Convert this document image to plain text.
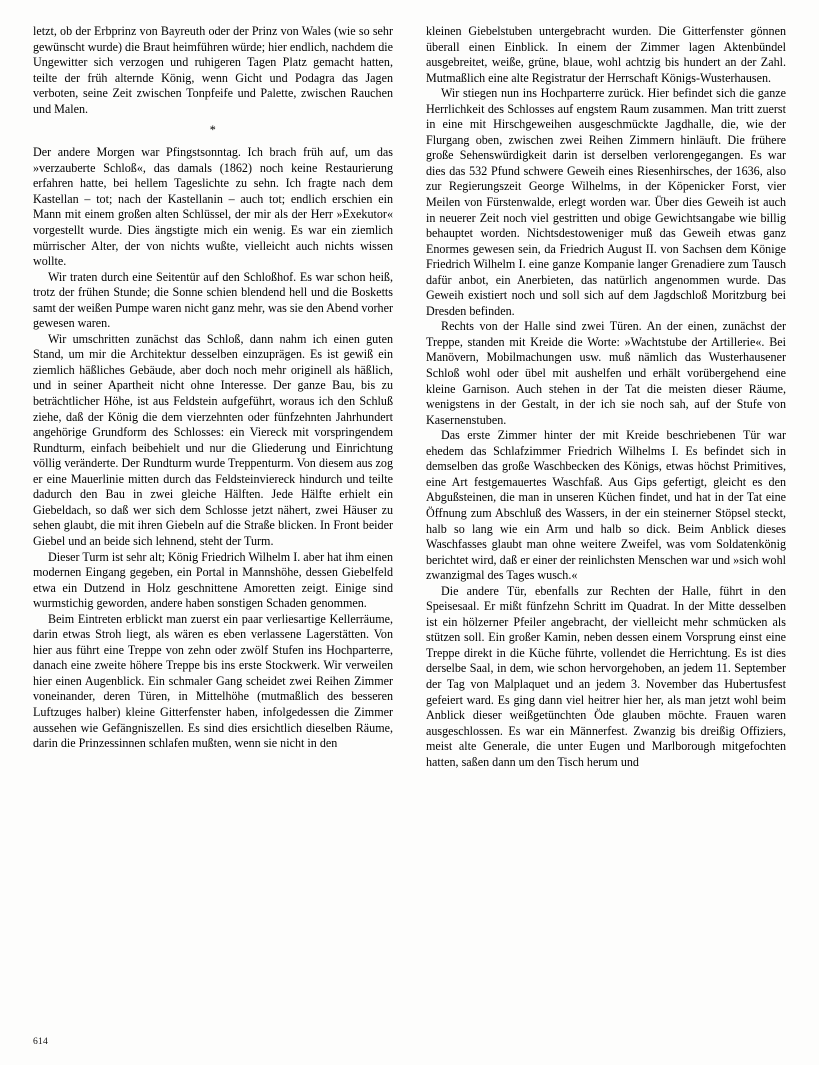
letzt, ob der Erbprinz von Bayreuth oder der Prinz von Wales (wie so sehr gewünscht wurde) die Braut heimführen würde; hier endlich, nachdem die Ungewitter sich verzogen und ruhigeren Tagen Platz gemacht hatten, teilte der früh alternde König, wenn Gicht und Podagra das Jagen verboten, seine Zeit zwischen Tonpfeife und Palette, zwischen Rauchen und Malen.

*

Der andere Morgen war Pfingstsonntag. Ich brach früh auf, um das »verzauberte Schloß«, das damals (1862) noch keine Restaurierung erfahren hatte, bei hellem Tageslichte zu sehn. Ich fragte nach dem Kastellan – tot; nach der Kastellanin – auch tot; endlich erschien ein Mann mit einem großen alten Schlüssel, der mir als der Herr »Exekutor« vorgestellt wurde. Dies ängstigte mich ein wenig. Es war ein ziemlich mürrischer Alter, der von nichts wußte, vielleicht auch nichts wissen wollte.

Wir traten durch eine Seitentür auf den Schloßhof. Es war schon heiß, trotz der frühen Stunde; die Sonne schien blendend hell und die Bosketts samt der weißen Pumpe waren nicht ganz mehr, was sie den Abend vorher gewesen waren.

Wir umschritten zunächst das Schloß, dann nahm ich einen guten Stand, um mir die Architektur desselben einzuprägen. Es ist gewiß ein ziemlich häßliches Gebäude, aber doch noch mehr originell als häßlich, und in seiner Apartheit nicht ohne Interesse. Der ganze Bau, bis zu beträchtlicher Höhe, ist aus Feldstein aufgeführt, woraus ich den Schluß ziehe, daß der König die dem vierzehnten oder fünfzehnten Jahrhundert angehörige Grundform des Schlosses: ein Viereck mit vorspringendem Rundturm, einfach beibehielt und nur die Gliederung und Einrichtung völlig veränderte. Der Rundturm wurde Treppenturm. Von diesem aus zog er eine Mauerlinie mitten durch das Feldsteinviereck hindurch und teilte dadurch den Bau in zwei gleiche Hälften. Jede Hälfte erhielt ein Giebeldach, so daß wer sich dem Schlosse jetzt nähert, zwei Häuser zu sehen glaubt, die mit ihren Giebeln auf die Straße blicken. In Front beider Giebel und an beide sich lehnend, steht der Turm.

Dieser Turm ist sehr alt; König Friedrich Wilhelm I. aber hat ihm einen modernen Eingang gegeben, ein Portal in Mannshöhe, dessen Giebelfeld etwa ein Dutzend in Holz geschnittene Amoretten zeigt. Einige sind wurmstichig geworden, andere haben sonstigen Schaden genommen.

Beim Eintreten erblickt man zuerst ein paar verliesartige Kellerräume, darin etwas Stroh liegt, als wären es eben verlassene Lagerstätten. Von hier aus führt eine Treppe von zehn oder zwölf Stufen ins Hochparterre, danach eine zweite höhere Treppe bis ins erste Stockwerk. Wir verweilen hier einen Augenblick. Ein schmaler Gang scheidet zwei Reihen Zimmer voneinander, deren Türen, in Mittelhöhe (mutmaßlich des besseren Luftzuges halber) kleine Gitterfenster haben, infolgedessen die Zimmer aussehen wie Gefängniszellen. Es sind dies ersichtlich dieselben Räume, darin die Prinzessinnen schlafen mußten, wenn sie nicht in den

kleinen Giebelstuben untergebracht wurden. Die Gitterfenster gönnen überall einen Einblick. In einem der Zimmer lagen Aktenbündel ausgebreitet, weiße, grüne, blaue, wohl achtzig bis hundert an der Zahl. Mutmaßlich eine alte Registratur der Herrschaft Königs-Wusterhausen.

Wir stiegen nun ins Hochparterre zurück. Hier befindet sich die ganze Herrlichkeit des Schlosses auf engstem Raum zusammen. Man tritt zuerst in eine mit Hirschgeweihen ausgeschmückte Jagdhalle, die, wie der Flurgang oben, zwischen zwei Reihen Zimmern hinläuft. Die frühere große Sehenswürdigkeit darin ist derselben verlorengegangen. Es war dies das 532 Pfund schwere Geweih eines Riesenhirsches, der 1636, also zur Regierungszeit George Wilhelms, in der Köpenicker Forst, vier Meilen von Fürstenwalde, erlegt worden war. Über dies Geweih ist auch in neuerer Zeit noch viel gestritten und obige Gewichtsangabe wie billig behauptet worden. Nichtsdestoweniger muß das Geweih etwas ganz Enormes gewesen sein, da Friedrich August II. von Sachsen dem Könige Friedrich Wilhelm I. eine ganze Kompanie langer Grenadiere zum Tausch dafür anbot, ein Anerbieten, das natürlich angenommen wurde. Das Geweih existiert noch und soll sich auf dem Jagdschloß Moritzburg bei Dresden befinden.

Rechts von der Halle sind zwei Türen. An der einen, zunächst der Treppe, standen mit Kreide die Worte: »Wachtstube der Artillerie«. Bei Manövern, Mobilmachungen usw. muß nämlich das Wusterhausener Schloß wohl oder übel mit aushelfen und erhält vorübergehend eine kleine Garnison. Auch stehen in der Tat die meisten dieser Räume, wenigstens in der Gestalt, in der ich sie noch sah, auf der Stufe von Kasernenstuben.

Das erste Zimmer hinter der mit Kreide beschriebenen Tür war ehedem das Schlafzimmer Friedrich Wilhelms I. Es befindet sich in demselben das große Waschbecken des Königs, etwas höchst Primitives, eine Art festgemauertes Waschfaß. Aus Gips gefertigt, gleicht es den Abgußsteinen, die man in unseren Küchen findet, und hat in der Tat eine Öffnung zum Abschluß des Wassers, in der ein steinerner Stöpsel steckt, halb so lang wie ein Arm und halb so dick. Beim Anblick dieses Waschfasses glaubt man ohne weitere Zweifel, was vom Soldatenkönig berichtet wird, daß er einer der reinlichsten Menschen war und »sich wohl zwanzigmal des Tages wusch.«

Die andere Tür, ebenfalls zur Rechten der Halle, führt in den Speisesaal. Er mißt fünfzehn Schritt im Quadrat. In der Mitte desselben ist ein hölzerner Pfeiler angebracht, der vielleicht mehr schmücken als stützen soll. Ein großer Kamin, neben dessen einem Vorsprung einst eine Treppe direkt in die Küche führte, vollendet die Herrichtung. Es ist dies derselbe Saal, in dem, wie schon hervorgehoben, an jedem 11. September der Tag von Malplaquet und an jedem 3. November das Hubertusfest gefeiert ward. Es ging dann viel heitrer hier her, als man jetzt wohl beim Anblick dieser weißgetünchten Öde glauben möchte. Frauen waren ausgeschlossen. Es war ein Männerfest. Zwanzig bis dreißig Offiziers, meist alte Generale, die unter Eugen und Marlborough mitgefochten hatten, saßen dann um den Tisch herum und

614
